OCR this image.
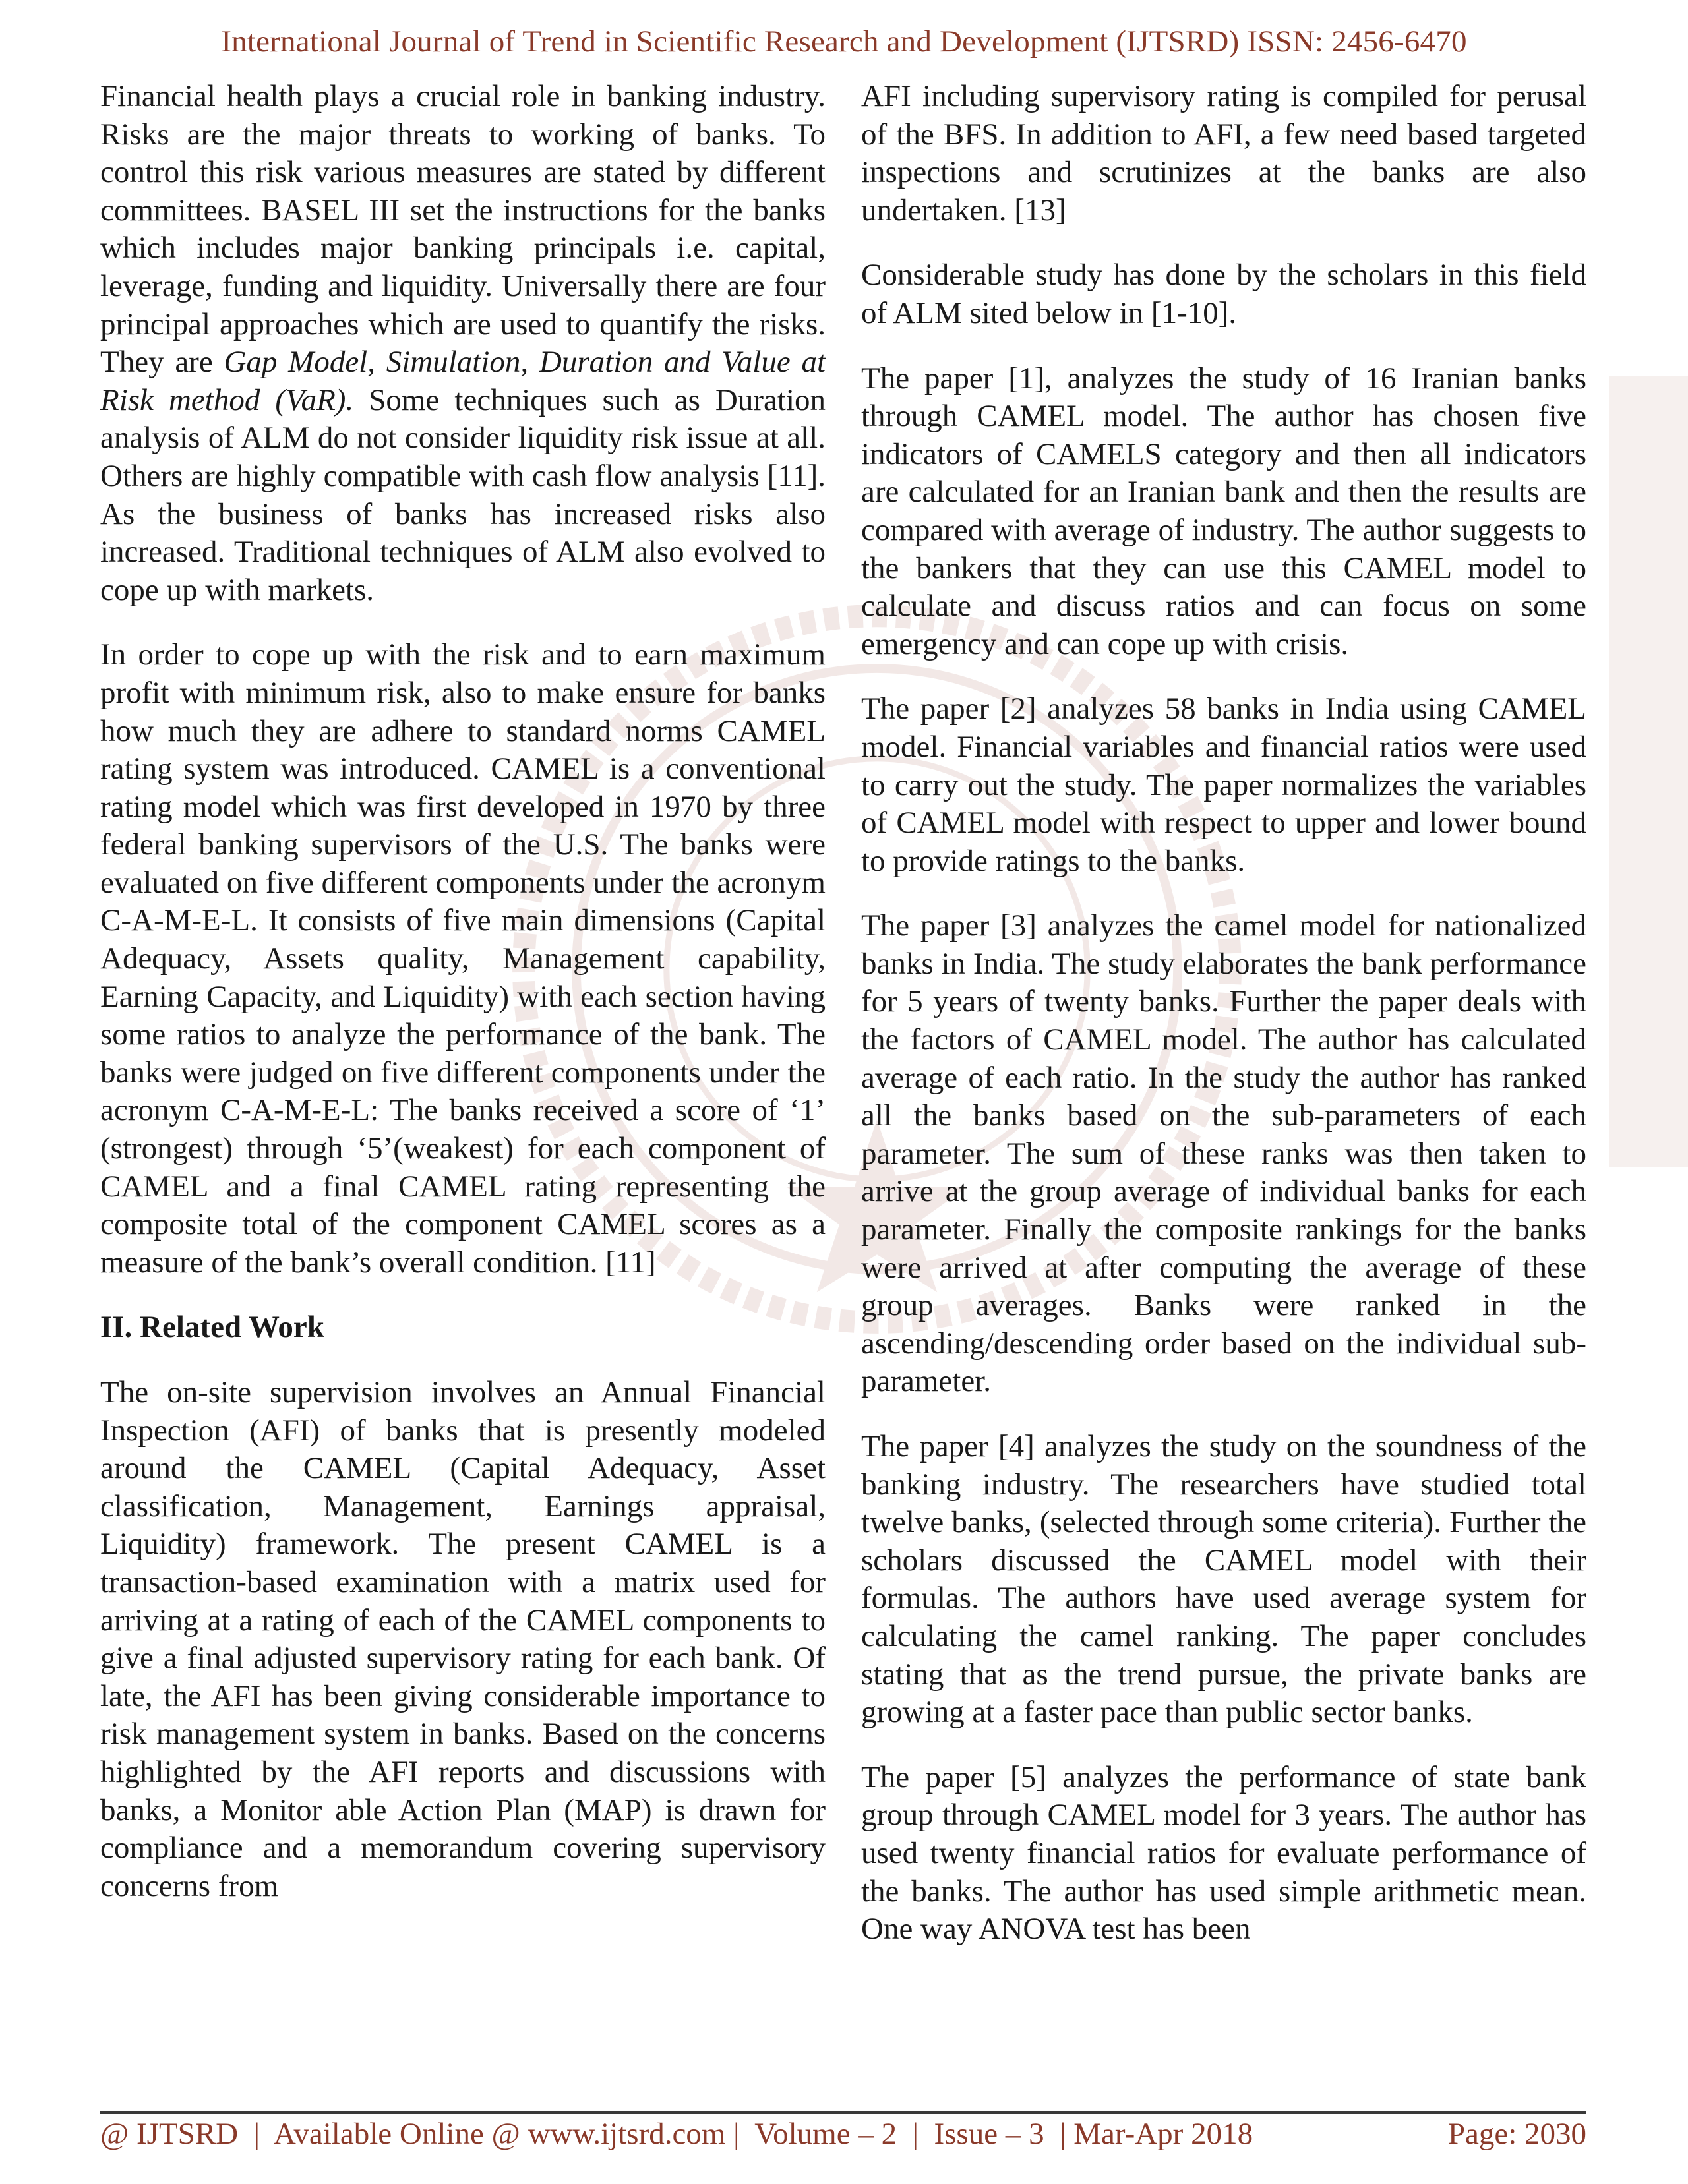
International Journal of Trend in Scientific Research and Development (IJTSRD) ISSN: 2456-6470

Financial health plays a crucial role in banking industry. Risks are the major threats to working of banks. To control this risk various measures are stated by different committees. BASEL III set the instructions for the banks which includes major banking principals i.e. capital, leverage, funding and liquidity. Universally there are four principal approaches which are used to quantify the risks. They are Gap Model, Simulation, Duration and Value at Risk method (VaR). Some techniques such as Duration analysis of ALM do not consider liquidity risk issue at all. Others are highly compatible with cash flow analysis [11]. As the business of banks has increased risks also increased. Traditional techniques of ALM also evolved to cope up with markets.

In order to cope up with the risk and to earn maximum profit with minimum risk, also to make ensure for banks how much they are adhere to standard norms CAMEL rating system was introduced. CAMEL is a conventional rating model which was first developed in 1970 by three federal banking supervisors of the U.S. The banks were evaluated on five different components under the acronym C-A-M-E-L. It consists of five main dimensions (Capital Adequacy, Assets quality, Management capability, Earning Capacity, and Liquidity) with each section having some ratios to analyze the performance of the bank. The banks were judged on five different components under the acronym C-A-M-E-L: The banks received a score of ‘1’ (strongest) through ‘5’(weakest) for each component of CAMEL and a final CAMEL rating representing the composite total of the component CAMEL scores as a measure of the bank’s overall condition. [11]

II. Related Work

The on-site supervision involves an Annual Financial Inspection (AFI) of banks that is presently modeled around the CAMEL (Capital Adequacy, Asset classification, Management, Earnings appraisal, Liquidity) framework. The present CAMEL is a transaction-based examination with a matrix used for arriving at a rating of each of the CAMEL components to give a final adjusted supervisory rating for each bank. Of late, the AFI has been giving considerable importance to risk management system in banks. Based on the concerns highlighted by the AFI reports and discussions with banks, a Monitor able Action Plan (MAP) is drawn for compliance and a memorandum covering supervisory concerns from

AFI including supervisory rating is compiled for perusal of the BFS. In addition to AFI, a few need based targeted inspections and scrutinizes at the banks are also undertaken. [13]

Considerable study has done by the scholars in this field of ALM sited below in [1-10].

The paper [1], analyzes the study of 16 Iranian banks through CAMEL model. The author has chosen five indicators of CAMELS category and then all indicators are calculated for an Iranian bank and then the results are compared with average of industry. The author suggests to the bankers that they can use this CAMEL model to calculate and discuss ratios and can focus on some emergency and can cope up with crisis.

The paper [2] analyzes 58 banks in India using CAMEL model. Financial variables and financial ratios were used to carry out the study. The paper normalizes the variables of CAMEL model with respect to upper and lower bound to provide ratings to the banks.

The paper [3] analyzes the camel model for nationalized banks in India. The study elaborates the bank performance for 5 years of twenty banks. Further the paper deals with the factors of CAMEL model. The author has calculated average of each ratio. In the study the author has ranked all the banks based on the sub-parameters of each parameter. The sum of these ranks was then taken to arrive at the group average of individual banks for each parameter. Finally the composite rankings for the banks were arrived at after computing the average of these group averages. Banks were ranked in the ascending/descending order based on the individual sub-parameter.

The paper [4] analyzes the study on the soundness of the banking industry. The researchers have studied total twelve banks, (selected through some criteria). Further the scholars discussed the CAMEL model with their formulas. The authors have used average system for calculating the camel ranking. The paper concludes stating that as the trend pursue, the private banks are growing at a faster pace than public sector banks.

The paper [5] analyzes the performance of state bank group through CAMEL model for 3 years. The author has used twenty financial ratios for evaluate performance of the banks. The author has used simple arithmetic mean. One way ANOVA test has been

@ IJTSRD  |  Available Online @ www.ijtsrd.com |  Volume – 2  |  Issue – 3  | Mar-Apr 2018	Page: 2030
